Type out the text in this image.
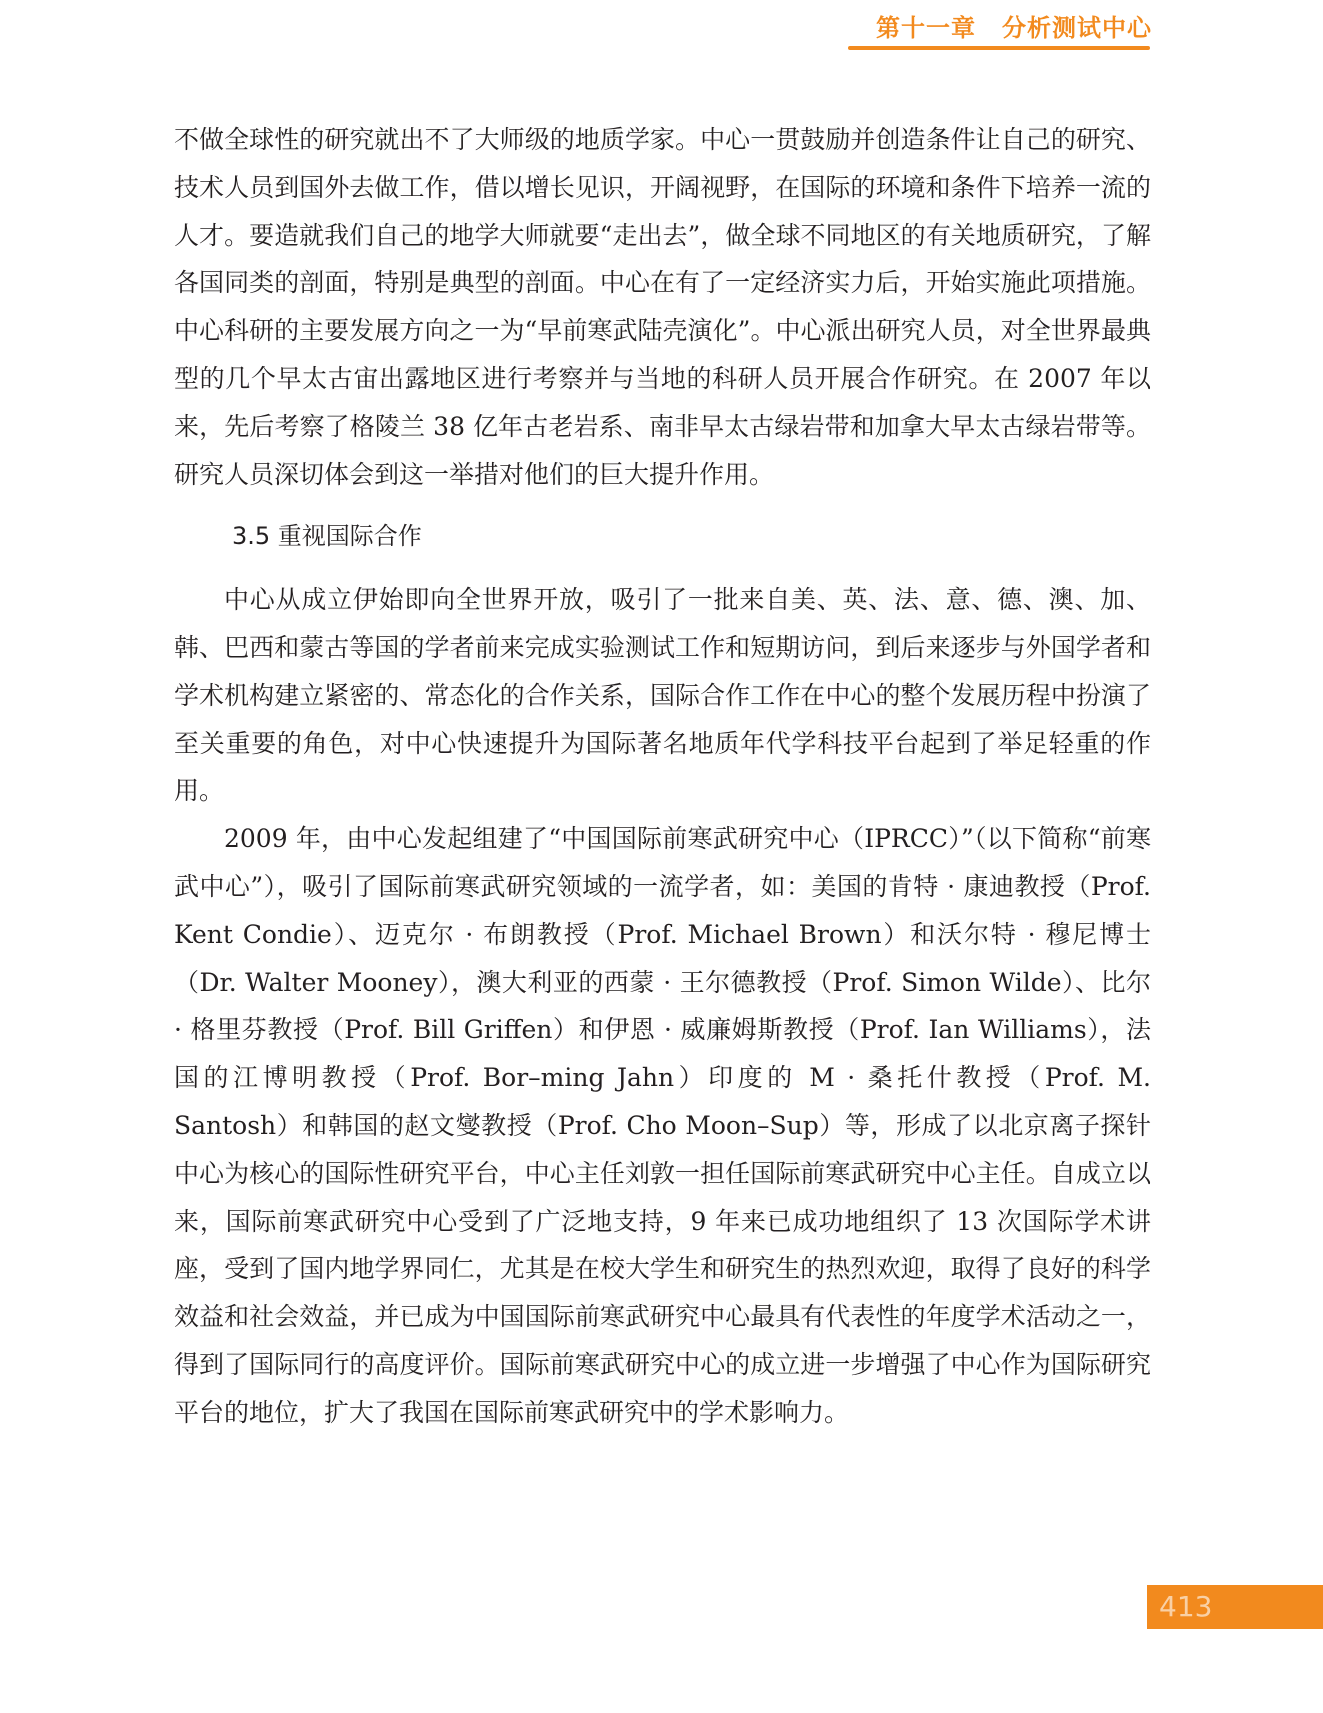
第十一章 分析测试中心

不做全球性的研究就出不了大师级的地质学家。中心一贯鼓励并创造条件让自己的研究、技术人员到国外去做工作，借以增长见识，开阔视野，在国际的环境和条件下培养一流的人才。要造就我们自己的地学大师就要“走出去”，做全球不同地区的有关地质研究，了解各国同类的剖面，特别是典型的剖面。中心在有了一定经济实力后，开始实施此项措施。中心科研的主要发展方向之一为“早前寒武陆壳演化”。中心派出研究人员，对全世界最典型的几个早太古宙出露地区进行考察并与当地的科研人员开展合作研究。在 2007 年以来，先后考察了格陵兰 38 亿年古老岩系、南非早太古绿岩带和加拿大早太古绿岩带等。研究人员深切体会到这一举措对他们的巨大提升作用。

3.5 重视国际合作

中心从成立伊始即向全世界开放，吸引了一批来自美、英、法、意、德、澳、加、韩、巴西和蒙古等国的学者前来完成实验测试工作和短期访问，到后来逐步与外国学者和学术机构建立紧密的、常态化的合作关系，国际合作工作在中心的整个发展历程中扮演了至关重要的角色，对中心快速提升为国际著名地质年代学科技平台起到了举足轻重的作用。

2009 年，由中心发起组建了“中国国际前寒武研究中心（IPRCC）”（以下简称“前寒武中心”），吸引了国际前寒武研究领域的一流学者，如：美国的肯特 · 康迪教授（Prof. Kent Condie）、迈克尔 · 布朗教授（Prof. Michael Brown）和沃尔特 · 穆尼博士（Dr. Walter Mooney），澳大利亚的西蒙 · 王尔德教授（Prof. Simon Wilde）、比尔 · 格里芬教授（Prof. Bill Griffen）和伊恩 · 威廉姆斯教授（Prof. Ian Williams），法国的江博明教授（Prof. Bor–ming Jahn）印度的 M · 桑托什教授（Prof. M. Santosh）和韩国的赵文燮教授（Prof. Cho Moon–Sup）等，形成了以北京离子探针中心为核心的国际性研究平台，中心主任刘敦一担任国际前寒武研究中心主任。自成立以来，国际前寒武研究中心受到了广泛地支持，9 年来已成功地组织了 13 次国际学术讲座，受到了国内地学界同仁，尤其是在校大学生和研究生的热烈欢迎，取得了良好的科学效益和社会效益，并已成为中国国际前寒武研究中心最具有代表性的年度学术活动之一，得到了国际同行的高度评价。国际前寒武研究中心的成立进一步增强了中心作为国际研究平台的地位，扩大了我国在国际前寒武研究中的学术影响力。

413
